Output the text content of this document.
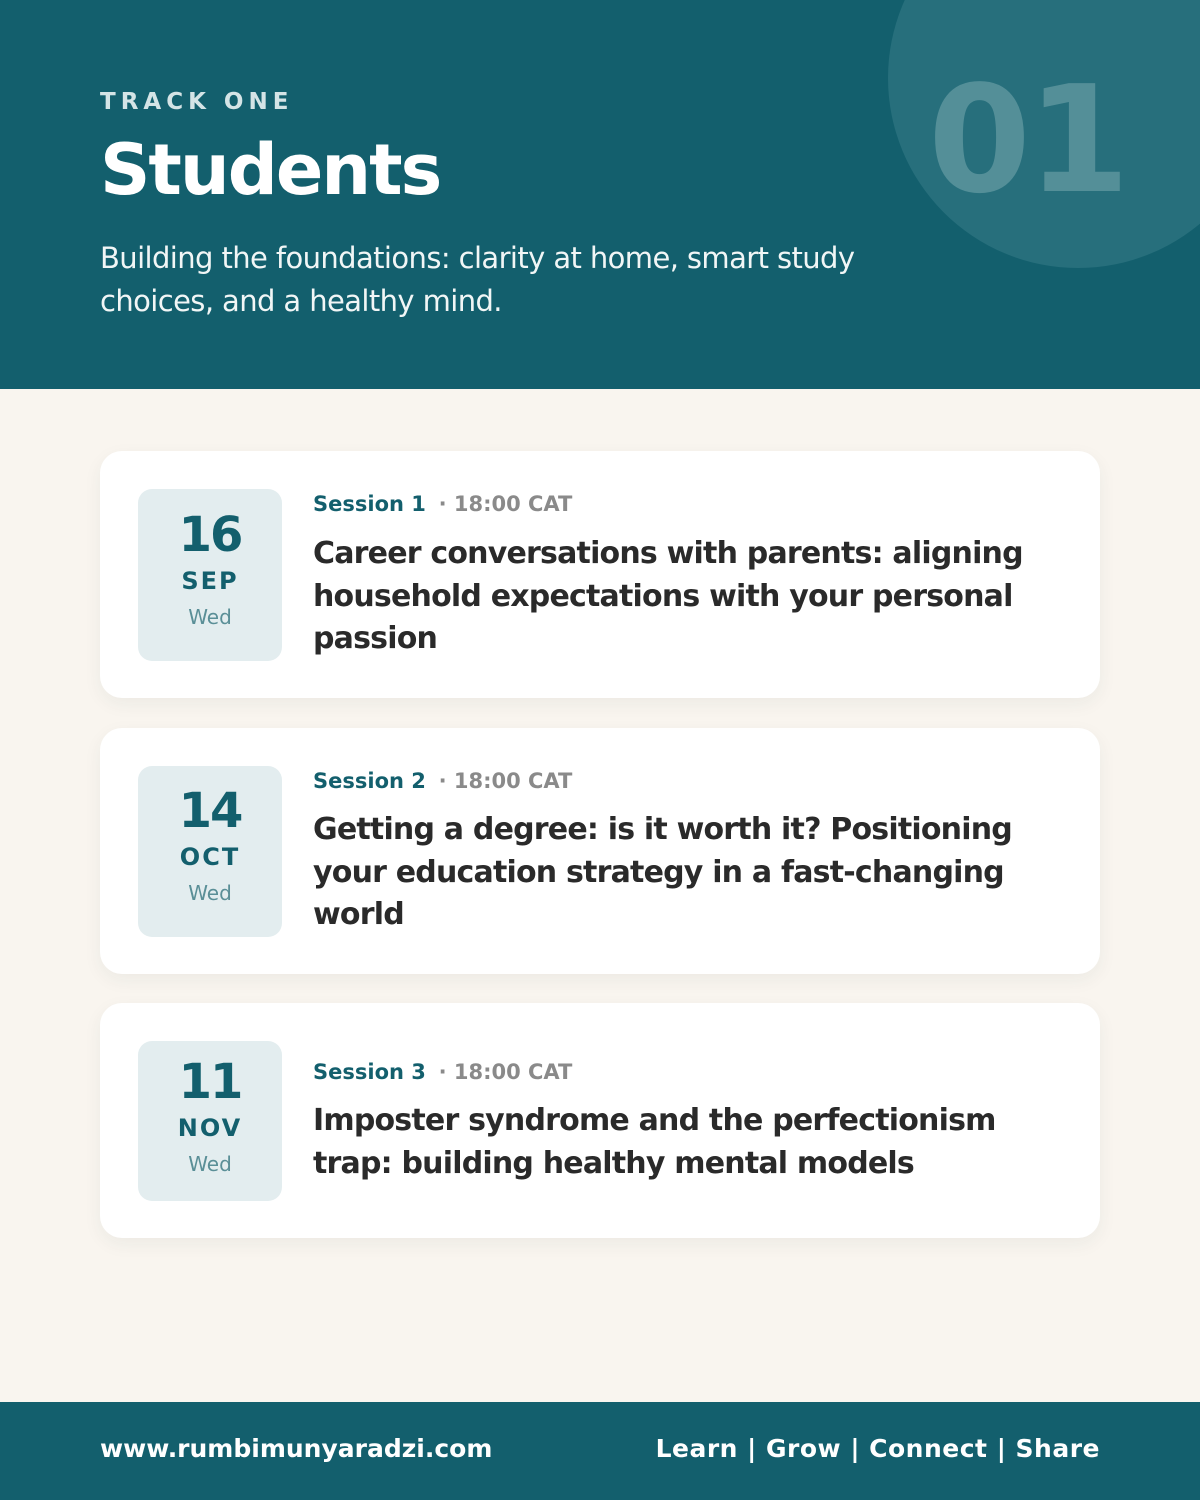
01
TRACK ONE
Students
Building the foundations: clarity at home, smart study choices, and a healthy mind.
16
SEP
Wed
Session 1 · 18:00 CAT
Career conversations with parents: aligning household expectations with your personal passion
14
OCT
Wed
Session 2 · 18:00 CAT
Getting a degree: is it worth it? Positioning your education strategy in a fast-changing world
11
NOV
Wed
Session 3 · 18:00 CAT
Imposter syndrome and the perfectionism trap: building healthy mental models
www.rumbimunyaradzi.com	Learn | Grow | Connect | Share
